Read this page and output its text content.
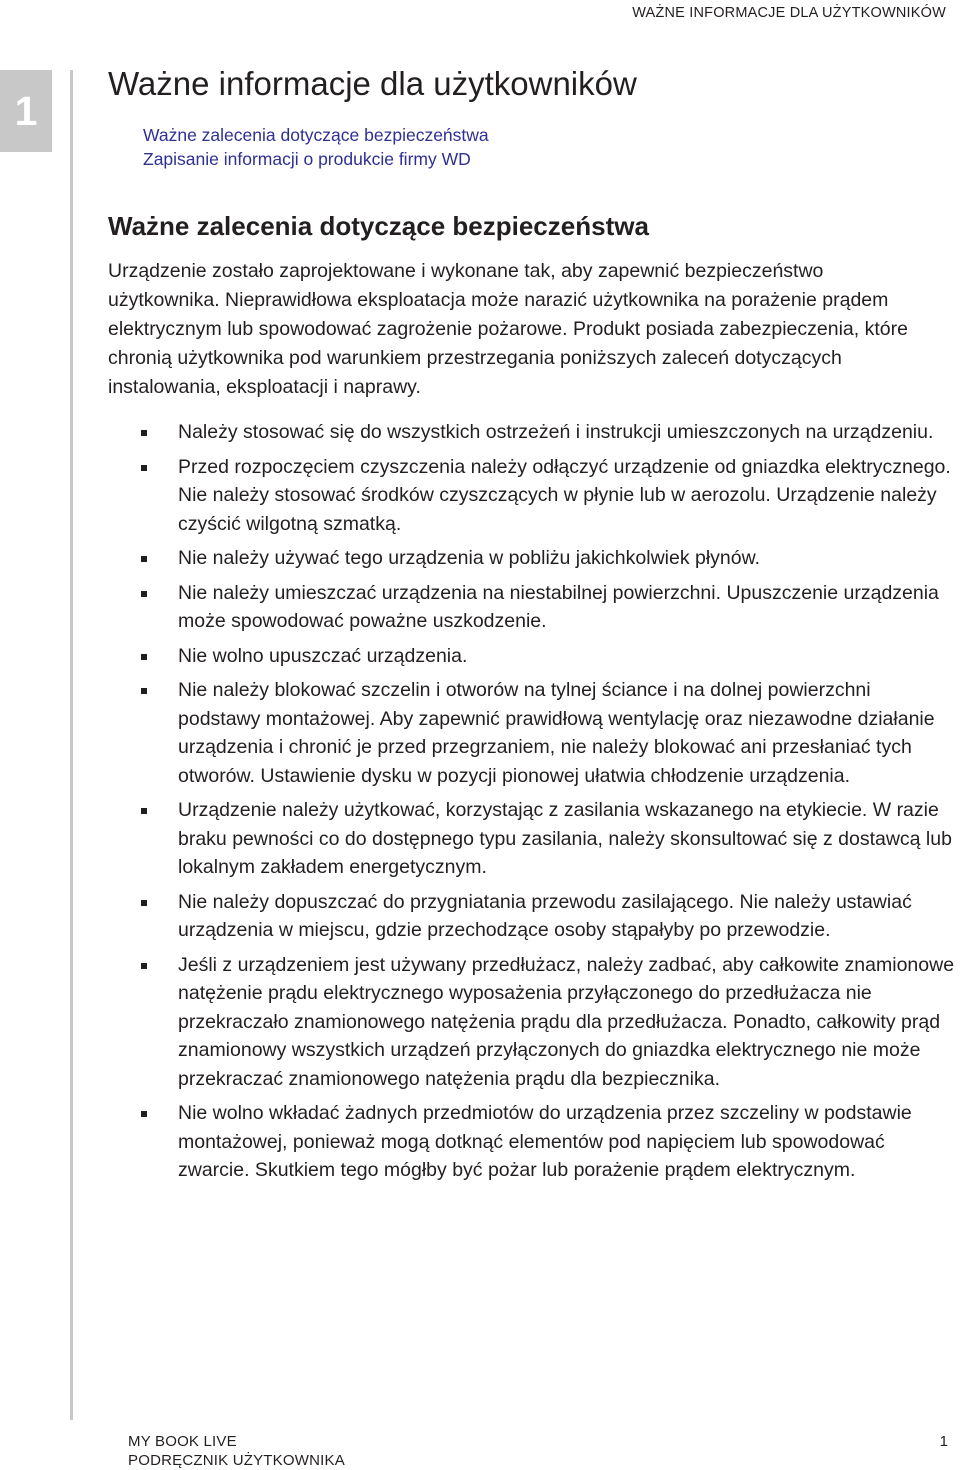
WAŻNE INFORMACJE DLA UŻYTKOWNIKÓW
1
Ważne informacje dla użytkowników
Ważne zalecenia dotyczące bezpieczeństwa
Zapisanie informacji o produkcie firmy WD
Ważne zalecenia dotyczące bezpieczeństwa

Urządzenie zostało zaprojektowane i wykonane tak, aby zapewnić bezpieczeństwo użytkownika. Nieprawidłowa eksploatacja może narazić użytkownika na porażenie prądem elektrycznym lub spowodować zagrożenie pożarowe. Produkt posiada zabezpieczenia, które chronią użytkownika pod warunkiem przestrzegania poniższych zaleceń dotyczących instalowania, eksploatacji i naprawy.

Należy stosować się do wszystkich ostrzeżeń i instrukcji umieszczonych na urządzeniu.
Przed rozpoczęciem czyszczenia należy odłączyć urządzenie od gniazdka elektrycznego. Nie należy stosować środków czyszczących w płynie lub w aerozolu. Urządzenie należy czyścić wilgotną szmatką.
Nie należy używać tego urządzenia w pobliżu jakichkolwiek płynów.
Nie należy umieszczać urządzenia na niestabilnej powierzchni. Upuszczenie urządzenia może spowodować poważne uszkodzenie.
Nie wolno upuszczać urządzenia.
Nie należy blokować szczelin i otworów na tylnej ściance i na dolnej powierzchni podstawy montażowej. Aby zapewnić prawidłową wentylację oraz niezawodne działanie urządzenia i chronić je przed przegrzaniem, nie należy blokować ani przesłaniać tych otworów. Ustawienie dysku w pozycji pionowej ułatwia chłodzenie urządzenia.
Urządzenie należy użytkować, korzystając z zasilania wskazanego na etykiecie. W razie braku pewności co do dostępnego typu zasilania, należy skonsultować się z dostawcą lub lokalnym zakładem energetycznym.
Nie należy dopuszczać do przygniatania przewodu zasilającego. Nie należy ustawiać urządzenia w miejscu, gdzie przechodzące osoby stąpałyby po przewodzie.
Jeśli z urządzeniem jest używany przedłużacz, należy zadbać, aby całkowite znamionowe natężenie prądu elektrycznego wyposażenia przyłączonego do przedłużacza nie przekraczało znamionowego natężenia prądu dla przedłużacza. Ponadto, całkowity prąd znamionowy wszystkich urządzeń przyłączonych do gniazdka elektrycznego nie może przekraczać znamionowego natężenia prądu dla bezpiecznika.
Nie wolno wkładać żadnych przedmiotów do urządzenia przez szczeliny w podstawie montażowej, ponieważ mogą dotknąć elementów pod napięciem lub spowodować zwarcie. Skutkiem tego mógłby być pożar lub porażenie prądem elektrycznym.
MY BOOK LIVE
PODRĘCZNIK UŻYTKOWNIKA
1
